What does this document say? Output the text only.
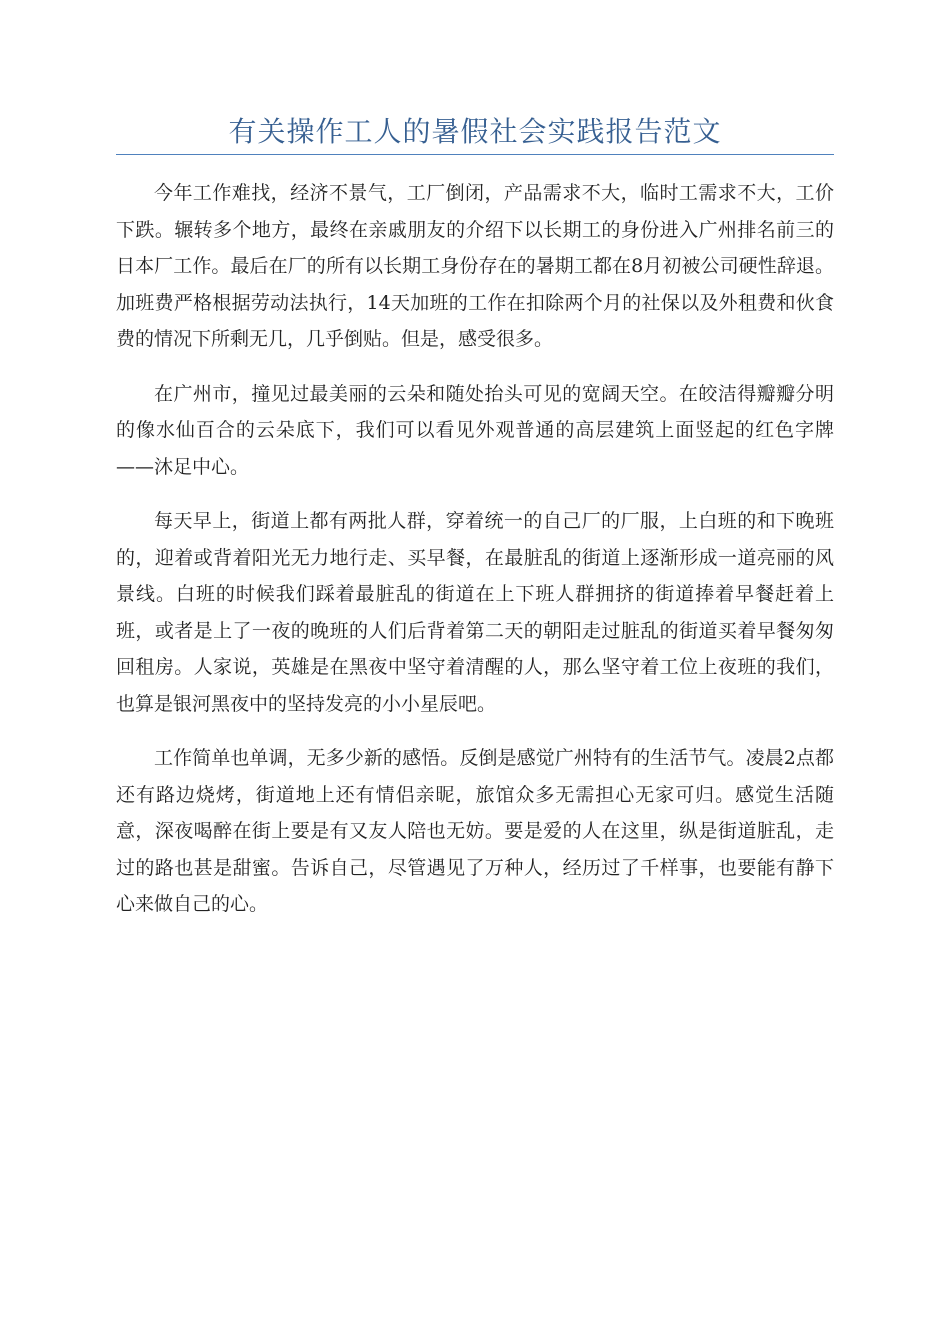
有关操作工人的暑假社会实践报告范文

今年工作难找，经济不景气，工厂倒闭，产品需求不大，临时工需求不大，工价下跌。辗转多个地方，最终在亲戚朋友的介绍下以长期工的身份进入广州排名前三的日本厂工作。最后在厂的所有以长期工身份存在的暑期工都在8月初被公司硬性辞退。加班费严格根据劳动法执行，14天加班的工作在扣除两个月的社保以及外租费和伙食费的情况下所剩无几，几乎倒贴。但是，感受很多。

在广州市，撞见过最美丽的云朵和随处抬头可见的宽阔天空。在皎洁得瓣瓣分明的像水仙百合的云朵底下，我们可以看见外观普通的高层建筑上面竖起的红色字牌——沐足中心。

每天早上，街道上都有两批人群，穿着统一的自己厂的厂服，上白班的和下晚班的，迎着或背着阳光无力地行走、买早餐，在最脏乱的街道上逐渐形成一道亮丽的风景线。白班的时候我们踩着最脏乱的街道在上下班人群拥挤的街道捧着早餐赶着上班，或者是上了一夜的晚班的人们后背着第二天的朝阳走过脏乱的街道买着早餐匆匆回租房。人家说，英雄是在黑夜中坚守着清醒的人，那么坚守着工位上夜班的我们，也算是银河黑夜中的坚持发亮的小小星辰吧。

工作简单也单调，无多少新的感悟。反倒是感觉广州特有的生活节气。凌晨2点都还有路边烧烤，街道地上还有情侣亲昵，旅馆众多无需担心无家可归。感觉生活随意，深夜喝醉在街上要是有又友人陪也无妨。要是爱的人在这里，纵是街道脏乱，走过的路也甚是甜蜜。告诉自己，尽管遇见了万种人，经历过了千样事，也要能有静下心来做自己的心。
